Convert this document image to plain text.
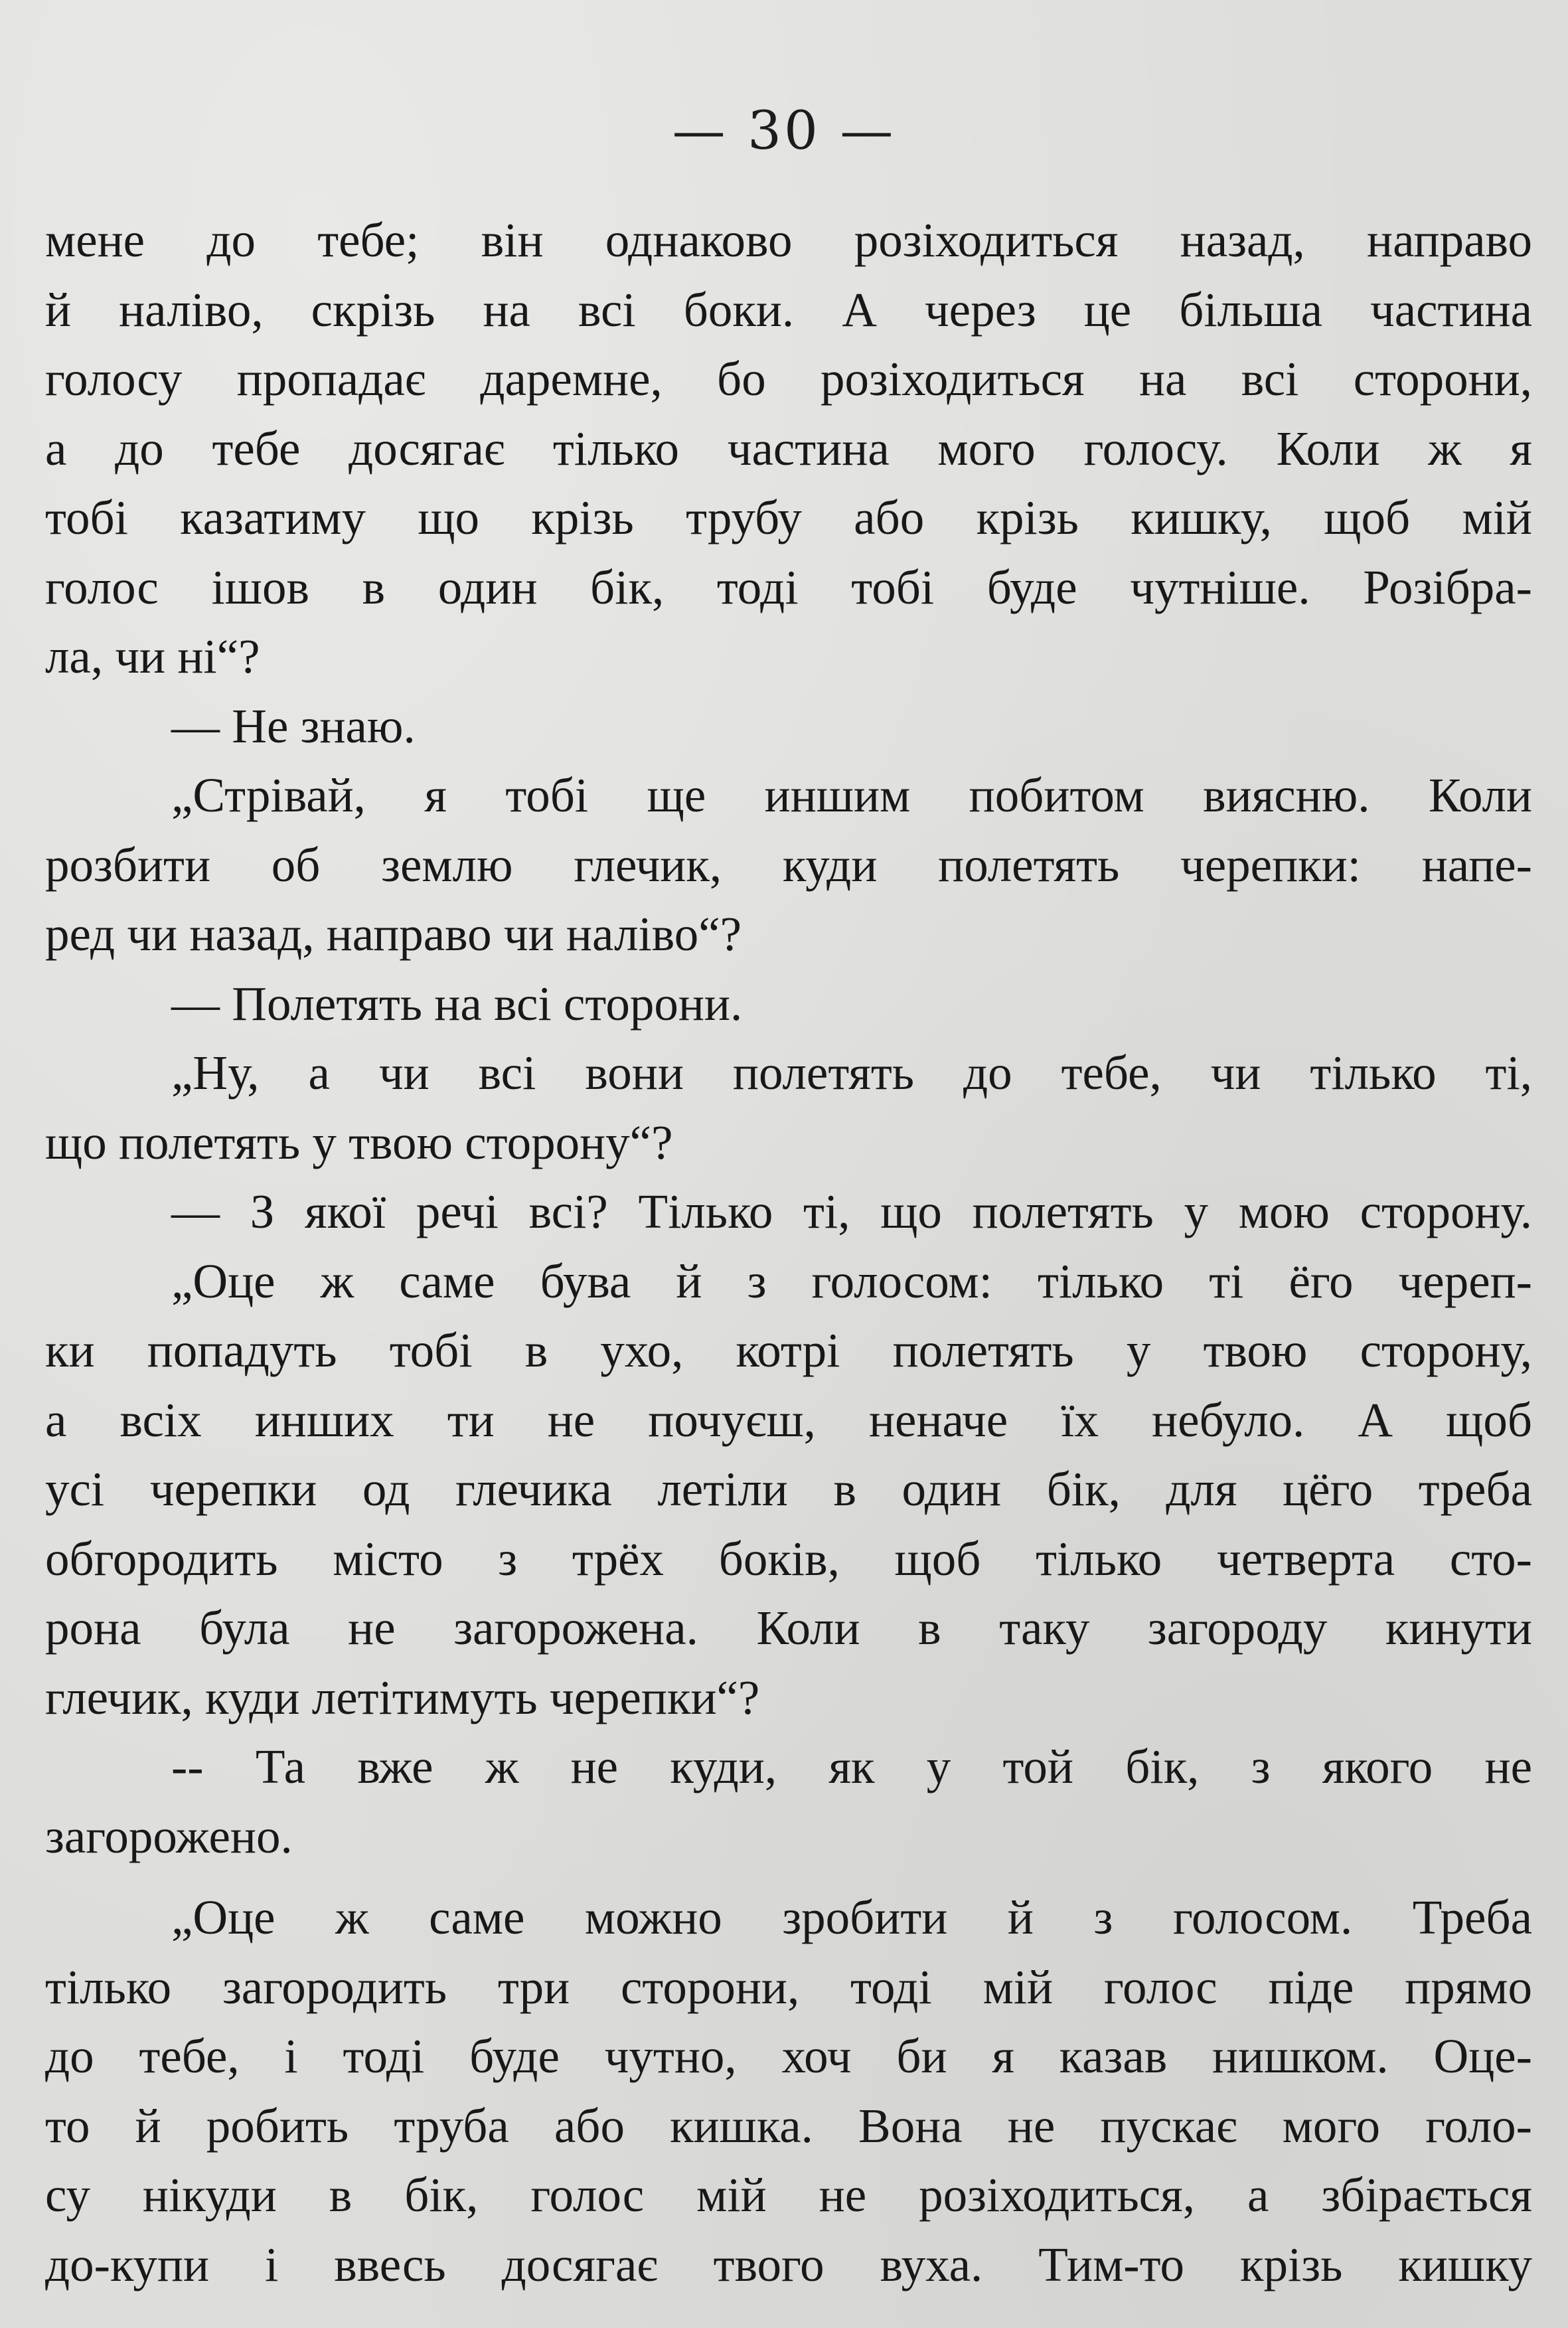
— 30 —
мене до тебе; він однаково розіходиться назад, направо
й наліво, скрізь на всі боки. А через це більша частина
голосу пропадає даремне, бо розіходиться на всі сторони,
а до тебе досягає тілько частина мого голосу. Коли ж я
тобі казатиму що крізь трубу або крізь кишку, щоб мій
голос ішов в один бік, тоді тобі буде чутніше. Розібра-
ла, чи ні“?
— Не знаю.
„Стрівай, я тобі ще иншим побитом виясню. Коли
розбити об землю глечик, куди полетять черепки: напе-
ред чи назад, направо чи наліво“?
— Полетять на всі сторони.
„Ну, а чи всі вони полетять до тебе, чи тілько ті,
що полетять у твою сторону“?
— З якої речі всі? Тілько ті, що полетять у мою сторону.
„Оце ж саме бува й з голосом: тілько ті ёго череп-
ки попадуть тобі в ухо, котрі полетять у твою сторону,
а всіх инших ти не почуєш, неначе їх небуло. А щоб
усі черепки од глечика летіли в один бік, для цёго треба
обгородить місто з трёх боків, щоб тілько четверта сто-
рона була не загорожена. Коли в таку загороду кинути
глечик, куди летітимуть черепки“?
-- Та вже ж не куди, як у той бік, з якого не
загорожено.
„Оце ж саме можно зробити й з голосом. Треба
тілько загородить три сторони, тоді мій голос піде прямо
до тебе, і тоді буде чутно, хоч би я казав нишком. Оце-
то й робить труба або кишка. Вона не пускає мого голо-
су нікуди в бік, голос мій не розіходиться, а збірається
до-купи і ввесь досягає твого вуха. Тим-то крізь кишку
